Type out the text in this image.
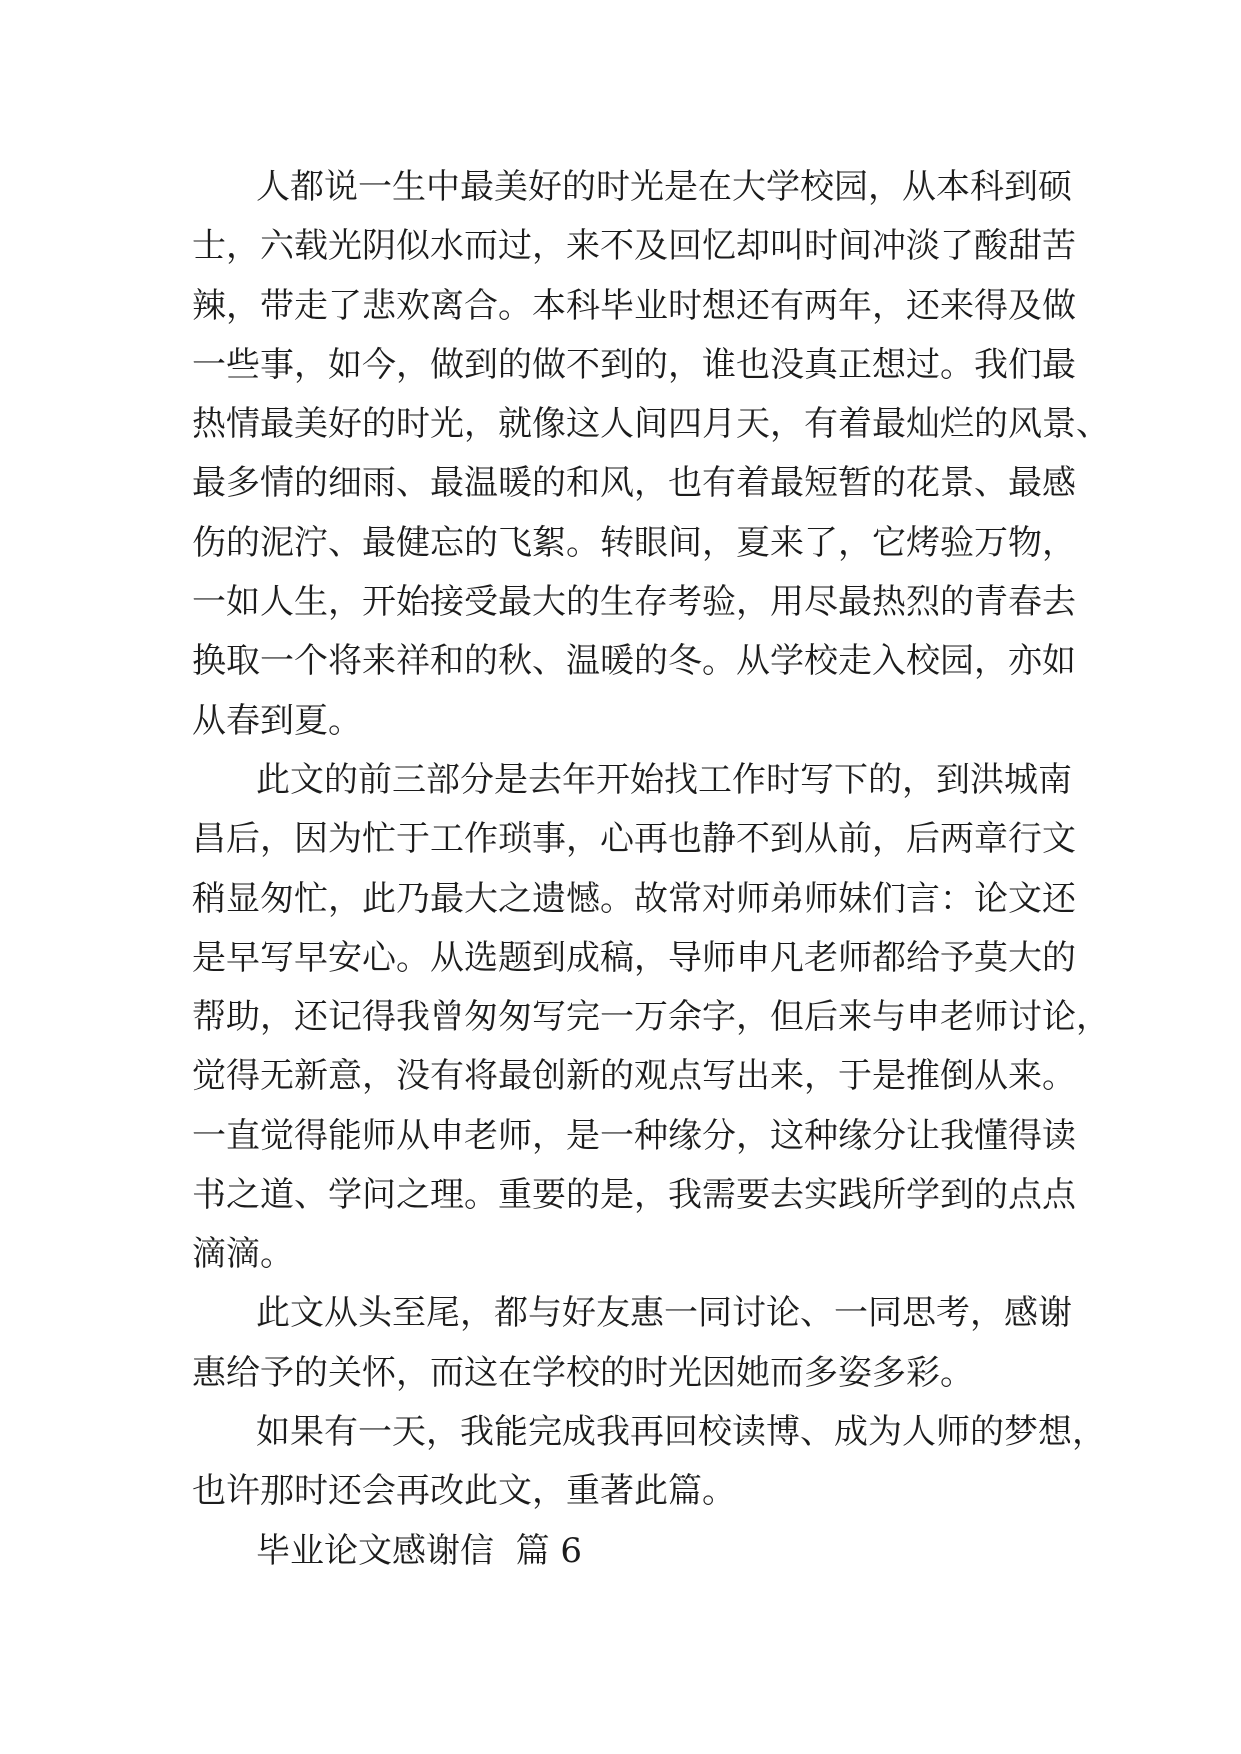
人都说一生中最美好的时光是在大学校园，从本科到硕
士，六载光阴似水而过，来不及回忆却叫时间冲淡了酸甜苦
辣，带走了悲欢离合。本科毕业时想还有两年，还来得及做
一些事，如今，做到的做不到的，谁也没真正想过。我们最
热情最美好的时光，就像这人间四月天，有着最灿烂的风景、
最多情的细雨、最温暖的和风，也有着最短暂的花景、最感
伤的泥泞、最健忘的飞絮。转眼间，夏来了，它烤验万物，
一如人生，开始接受最大的生存考验，用尽最热烈的青春去
换取一个将来祥和的秋、温暖的冬。从学校走入校园，亦如
从春到夏。
此文的前三部分是去年开始找工作时写下的，到洪城南
昌后，因为忙于工作琐事，心再也静不到从前，后两章行文
稍显匆忙，此乃最大之遗憾。故常对师弟师妹们言：论文还
是早写早安心。从选题到成稿，导师申凡老师都给予莫大的
帮助，还记得我曾匆匆写完一万余字，但后来与申老师讨论，
觉得无新意，没有将最创新的观点写出来，于是推倒从来。
一直觉得能师从申老师，是一种缘分，这种缘分让我懂得读
书之道、学问之理。重要的是，我需要去实践所学到的点点
滴滴。
此文从头至尾，都与好友惠一同讨论、一同思考，感谢
惠给予的关怀，而这在学校的时光因她而多姿多彩。
如果有一天，我能完成我再回校读博、成为人师的梦想，
也许那时还会再改此文，重著此篇。
毕业论文感谢信  篇 6
